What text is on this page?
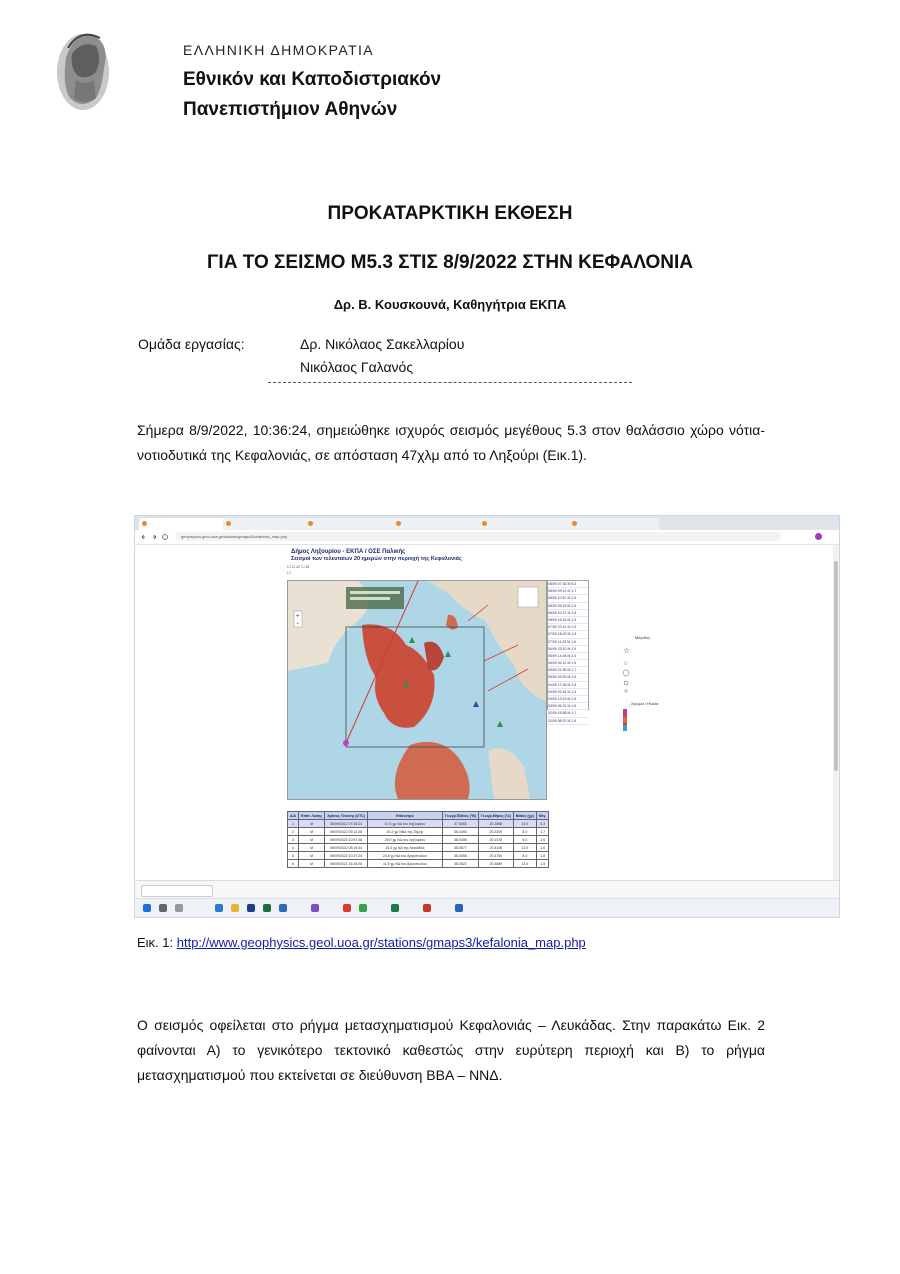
ΕΛΛΗΝΙΚΗ ΔΗΜΟΚΡΑΤΙΑ
Εθνικόν και Καποδιστριακόν
Πανεπιστήμιον Αθηνών
ΠΡΟΚΑΤΑΡΚΤΙΚΗ ΕΚΘΕΣΗ
ΓΙΑ ΤΟ ΣΕΙΣΜΟ Μ5.3 ΣΤΙΣ 8/9/2022 ΣΤΗΝ ΚΕΦΑΛΟΝΙΑ
Δρ. Β. Κουσκουνά, Καθηγήτρια ΕΚΠΑ
Ομάδα εργασίας:	Δρ. Νικόλαος Σακελλαρίου
Νικόλαος Γαλανός
Σήμερα 8/9/2022, 10:36:24, σημειώθηκε ισχυρός σεισμός μεγέθους 5.3 στον θαλάσσιο χώρο νότια-νοτιοδυτικά της Κεφαλονιάς, σε απόσταση 47χλμ από το Ληξούρι (Εικ.1).
geophysics.geol.uoa.gr/stations/gmaps3/kefalonia_map.php
Δήμος Ληξουρίου - ΕΚΠΑ / ΟΣΕ Παλικής
Σεισμοί των τελευταίων 20 ημερών στην περιοχή της Κεφαλονιάς
☐ ☐ ☑ ☐ ☑
☐
+
−
08/09 07:36 M 5.3
08/09 09:12 M 1.7
08/09 10:57 M 1.6
08/09 05:19 M 1.6
08/09 10:27 M 1.8
08/09 16:18 M 1.5
07/09 22:41 M 1.4
07/09 18:02 M 1.9
07/09 11:33 M 1.6
06/09 23:10 M 1.5
06/09 14:48 M 2.0
06/09 04:12 M 1.6
05/09 21:55 M 1.7
05/09 09:30 M 1.5
04/09 17:06 M 1.8
04/09 02:44 M 1.4
03/09 13:19 M 1.6
03/09 06:21 M 1.5
02/09 19:58 M 1.7
02/09 08:37 M 1.6
Μέγεθος
☆
☆
Χρώμα / Ηλικία
Α/Α	Επίπ. Λύσης	Χρόνος Γένεσης (UTC)	Επίκεντρο	Γεωγρ.Πλάτος (°Β)	Γεωγρ.Μήκος (°Α)	Βάθος (χμ)	Μεγ.
1	M	08/09/2022 07:36:24	47.5 χμ ΝΔ του Ληξουρίου	37.8083	20.1868	13.0	5.3
2	M	08/09/2022 09:12:28	20.2 χμ ΝΝΔ της Σάμης	38.0490	20.2300	8.0	1.7
3	M	08/09/2022 10:57:38	26.9 χμ ΝΔ του Ληξουρίου	38.0408	20.1578	9.0	1.6
4	M	08/09/2022 05:19:34	15.3 χμ ΝΔ της Λευκάδας	38.5877	20.4108	12.0	1.6
5	M	08/09/2022 10:27:24	24.5 χμ ΝΔ του Αργοστολίου	38.0058	20.4750	8.0	1.8
6	M	08/09/2022 16:18:28	11.5 χμ ΝΔ του Αργοστολίου	38.0822	20.4889	13.0	1.5
Εικ. 1: http://www.geophysics.geol.uoa.gr/stations/gmaps3/kefalonia_map.php
Ο σεισμός οφείλεται στο ρήγμα μετασχηματισμού Κεφαλονιάς – Λευκάδας. Στην παρακάτω Εικ. 2 φαίνονται Α) το γενικότερο τεκτονικό καθεστώς στην ευρύτερη περιοχή και Β) το ρήγμα μετασχηματισμού που εκτείνεται σε διεύθυνση ΒΒΑ – ΝΝΔ.
